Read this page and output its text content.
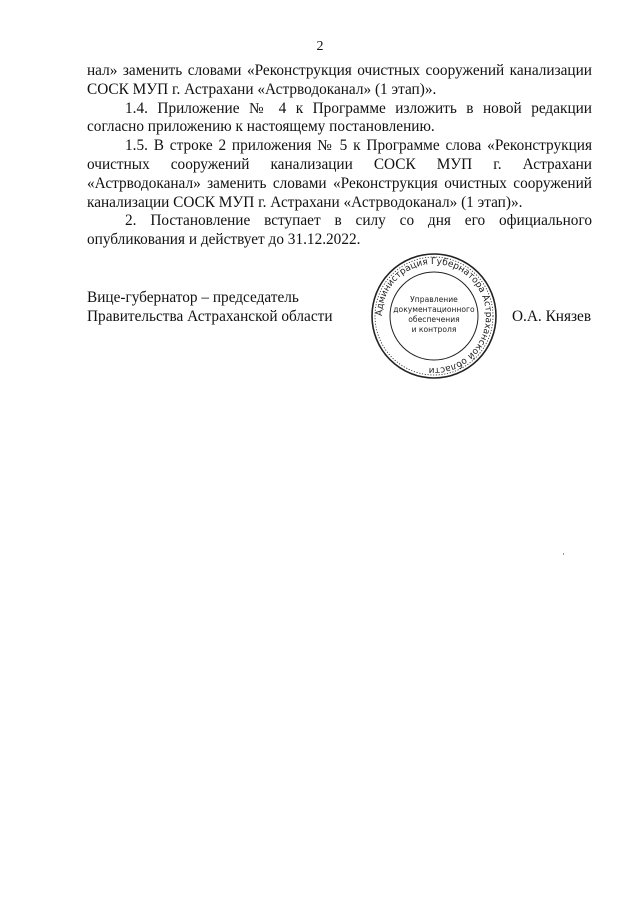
2

нал» заменить словами «Реконструкция очистных сооружений канализации

СОСК МУП г. Астрахани «Астрводоканал» (1 этап)».

1.4. Приложение № 4 к Программе изложить в новой редакции согласно приложению к настоящему постановлению.

1.5. В строке 2 приложения № 5 к Программе слова «Реконструкция очистных сооружений канализации СОСК МУП г. Астрахани «Астрводоканал» заменить словами «Реконструкция очистных сооружений канализации СОСК МУП г. Астрахани «Астрводоканал» (1 этап)».

2. Постановление вступает в силу со дня его официального опубликования и действует до 31.12.2022.

Вице-губернатор – председатель
Правительства Астраханской области	Администрация Губернатора Астраханской области
Управление
документационного
обеспечения
и контроля
О.А. Князев
